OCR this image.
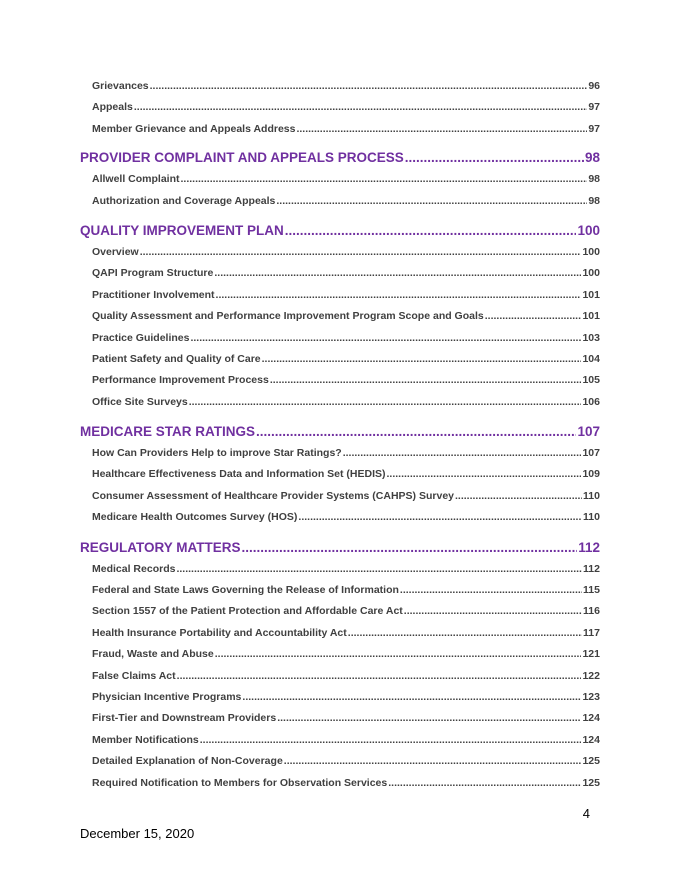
Grievances .....	96
Appeals .....	97
Member Grievance and Appeals Address .....	97
PROVIDER COMPLAINT AND APPEALS PROCESS .....	98
Allwell Complaint .....	98
Authorization and Coverage Appeals .....	98
QUALITY IMPROVEMENT PLAN .....	100
Overview .....	100
QAPI Program Structure .....	100
Practitioner Involvement .....	101
Quality Assessment and Performance Improvement Program Scope and Goals .....	101
Practice Guidelines .....	103
Patient Safety and Quality of Care .....	104
Performance Improvement Process .....	105
Office Site Surveys .....	106
MEDICARE STAR RATINGS .....	107
How Can Providers Help to improve Star Ratings? .....	107
Healthcare Effectiveness Data and Information Set (HEDIS) .....	109
Consumer Assessment of Healthcare Provider Systems (CAHPS) Survey .....	110
Medicare Health Outcomes Survey (HOS) .....	110
REGULATORY MATTERS .....	112
Medical Records .....	112
Federal and State Laws Governing the Release of Information .....	115
Section 1557 of the Patient Protection and Affordable Care Act .....	116
Health Insurance Portability and Accountability Act .....	117
Fraud, Waste and Abuse .....	121
False Claims Act .....	122
Physician Incentive Programs .....	123
First-Tier and Downstream Providers .....	124
Member Notifications .....	124
Detailed Explanation of Non-Coverage .....	125
Required Notification to Members for Observation Services .....	125
4
December 15, 2020
